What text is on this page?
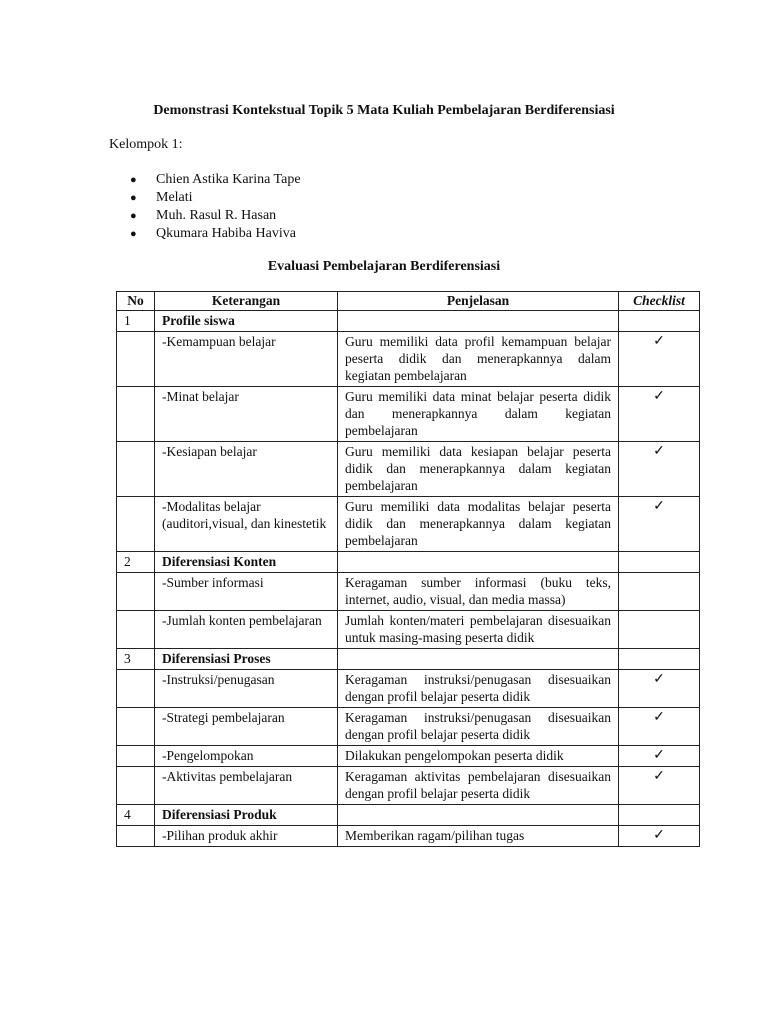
Demonstrasi Kontekstual Topik 5 Mata Kuliah Pembelajaran Berdiferensiasi
Kelompok 1:
● Chien Astika Karina Tape
● Melati
● Muh. Rasul R. Hasan
● Qkumara Habiba Haviva
Evaluasi Pembelajaran Berdiferensiasi
No	Keterangan	Penjelasan	Checklist
1	Profile siswa		
	-Kemampuan belajar	Guru memiliki data profil kemampuan belajar peserta didik dan menerapkannya dalam kegiatan pembelajaran	✓
	-Minat belajar	Guru memiliki data minat belajar peserta didik dan menerapkannya dalam kegiatan pembelajaran	✓
	-Kesiapan belajar	Guru memiliki data kesiapan belajar peserta didik dan menerapkannya dalam kegiatan pembelajaran	✓
	-Modalitas belajar (auditori,visual, dan kinestetik	Guru memiliki data modalitas belajar peserta didik dan menerapkannya dalam kegiatan pembelajaran	✓
2	Diferensiasi Konten		
	-Sumber informasi	Keragaman sumber informasi (buku teks, internet, audio, visual, dan media massa)	
	-Jumlah konten pembelajaran	Jumlah konten/materi pembelajaran disesuaikan untuk masing-masing peserta didik	
3	Diferensiasi Proses		
	-Instruksi/penugasan	Keragaman instruksi/penugasan disesuaikan dengan profil belajar peserta didik	✓
	-Strategi pembelajaran	Keragaman instruksi/penugasan disesuaikan dengan profil belajar peserta didik	✓
	-Pengelompokan	Dilakukan pengelompokan peserta didik	✓
	-Aktivitas pembelajaran	Keragaman aktivitas pembelajaran disesuaikan dengan profil belajar peserta didik	✓
4	Diferensiasi Produk		
	-Pilihan produk akhir	Memberikan ragam/pilihan tugas	✓
